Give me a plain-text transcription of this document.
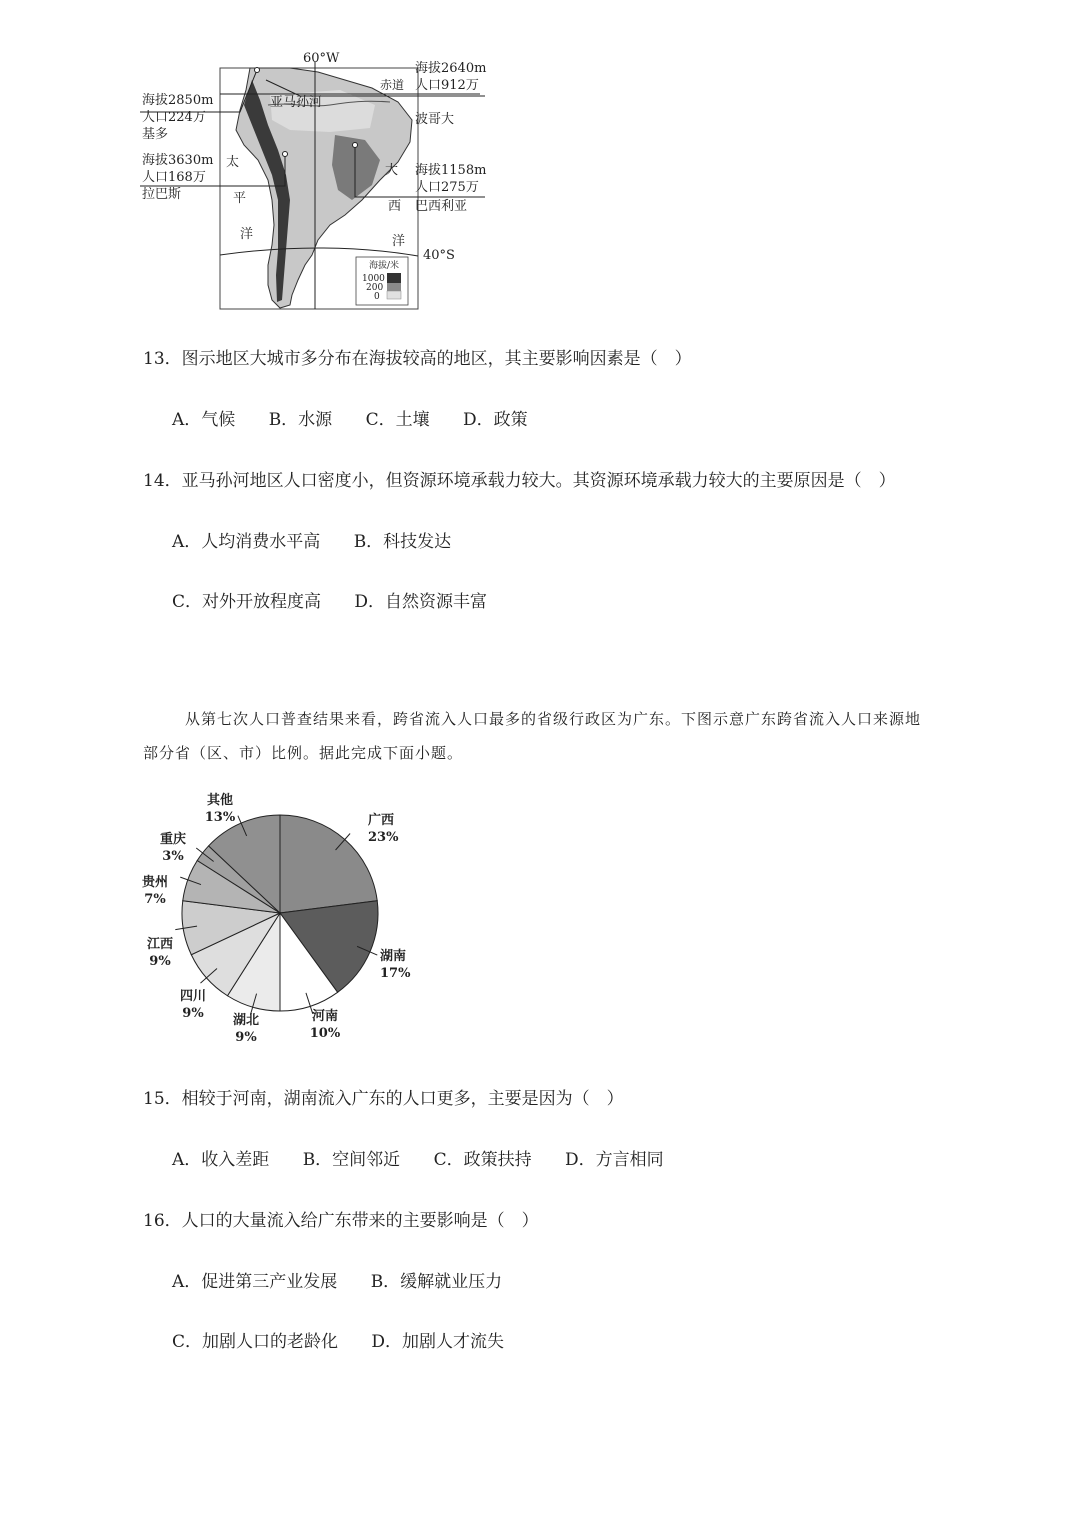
60°W
赤道
40°S
亚马孙河
太
平
洋
大
西
洋
海拔/米
1000
200
0
海拔2850m
人口224万
基多
海拔3630m
人口168万
拉巴斯
海拔2640m
人口912万
波哥大
海拔1158m
人口275万
巴西利亚
13．图示地区大城市多分布在海拔较高的地区，其主要影响因素是（　）
A．气候 B．水源 C．土壤 D．政策
14．亚马孙河地区人口密度小，但资源环境承载力较大。其资源环境承载力较大的主要原因是（　）
A．人均消费水平高 B．科技发达
C．对外开放程度高 D．自然资源丰富
从第七次人口普查结果来看，跨省流入人口最多的省级行政区为广东。下图示意广东跨省流入人口来源地部分省（区、市）比例。据此完成下面小题。
广西
23%
湖南
17%
河南
10%
湖北
9%
四川
9%
江西
9%
贵州
7%
重庆
3%
其他
13%
15．相较于河南，湖南流入广东的人口更多，主要是因为（　）
A．收入差距 B．空间邻近 C．政策扶持 D．方言相同
16．人口的大量流入给广东带来的主要影响是（　）
A．促进第三产业发展 B．缓解就业压力
C．加剧人口的老龄化 D．加剧人才流失
